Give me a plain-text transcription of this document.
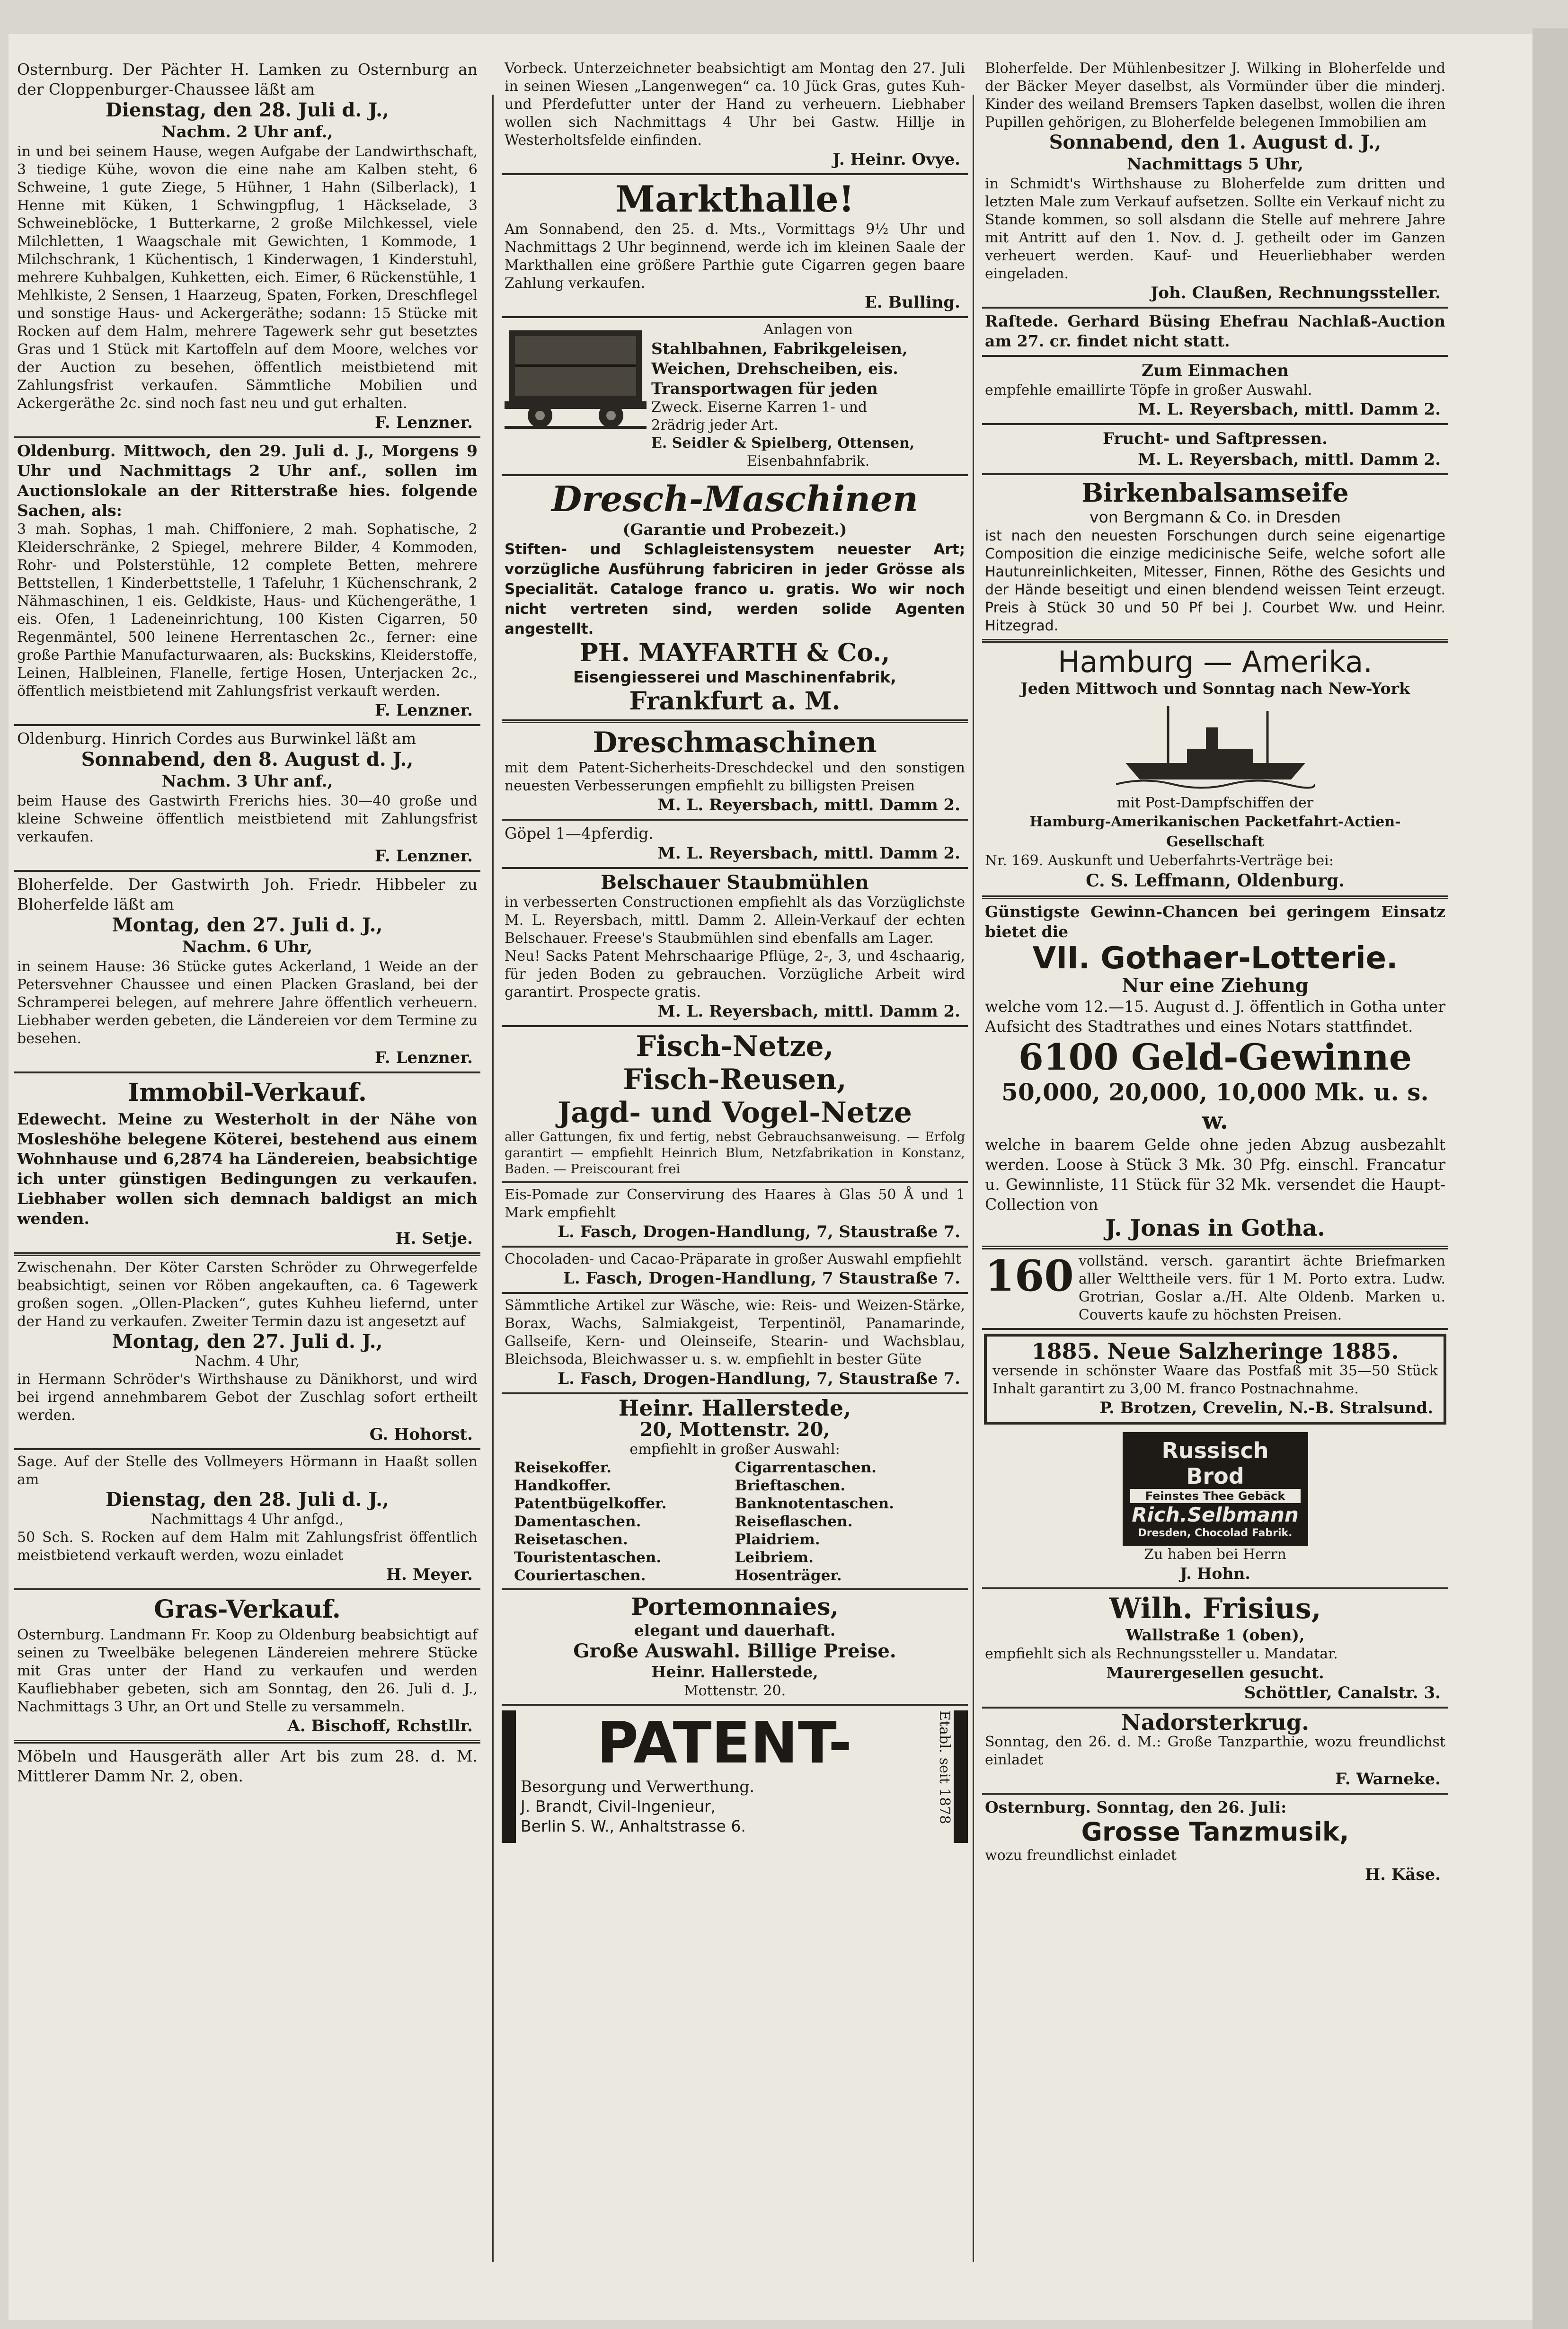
Osternburg. Der Pächter H. Lamken zu Osternburg an der Cloppenburger-Chaussee läßt am

Dienstag, den 28. Juli d. J.,

Nachm. 2 Uhr anf.,

in und bei seinem Hause, wegen Aufgabe der Landwirthschaft, 3 tiedige Kühe, wovon die eine nahe am Kalben steht, 6 Schweine, 1 gute Ziege, 5 Hühner, 1 Hahn (Silberlack), 1 Henne mit Küken, 1 Schwingpflug, 1 Häckselade, 3 Schweineblöcke, 1 Butterkarne, 2 große Milchkessel, viele Milchletten, 1 Waagschale mit Gewichten, 1 Kommode, 1 Milchschrank, 1 Küchentisch, 1 Kinderwagen, 1 Kinderstuhl, mehrere Kuhbalgen, Kuhketten, eich. Eimer, 6 Rückenstühle, 1 Mehlkiste, 2 Sensen, 1 Haarzeug, Spaten, Forken, Dreschflegel und sonstige Haus- und Ackergeräthe; sodann: 15 Stücke mit Rocken auf dem Halm, mehrere Tagewerk sehr gut besetztes Gras und 1 Stück mit Kartoffeln auf dem Moore, welches vor der Auction zu besehen, öffentlich meistbietend mit Zahlungsfrist verkaufen. Sämmtliche Mobilien und Ackergeräthe 2c. sind noch fast neu und gut erhalten.

F. Lenzner.

Oldenburg. Mittwoch, den 29. Juli d. J., Morgens 9 Uhr und Nachmittags 2 Uhr anf., sollen im Auctionslokale an der Ritterstraße hies. folgende Sachen, als:

3 mah. Sophas, 1 mah. Chiffoniere, 2 mah. Sophatische, 2 Kleiderschränke, 2 Spiegel, mehrere Bilder, 4 Kommoden, Rohr- und Polsterstühle, 12 complete Betten, mehrere Bettstellen, 1 Kinderbettstelle, 1 Tafeluhr, 1 Küchenschrank, 2 Nähmaschinen, 1 eis. Geldkiste, Haus- und Küchengeräthe, 1 eis. Ofen, 1 Ladeneinrichtung, 100 Kisten Cigarren, 50 Regenmäntel, 500 leinene Herrentaschen 2c., ferner: eine große Parthie Manufacturwaaren, als: Buckskins, Kleiderstoffe, Leinen, Halbleinen, Flanelle, fertige Hosen, Unterjacken 2c., öffentlich meistbietend mit Zahlungsfrist verkauft werden.

F. Lenzner.

Oldenburg. Hinrich Cordes aus Burwinkel läßt am

Sonnabend, den 8. August d. J.,

Nachm. 3 Uhr anf.,

beim Hause des Gastwirth Frerichs hies. 30—40 große und kleine Schweine öffentlich meistbietend mit Zahlungsfrist verkaufen.

F. Lenzner.

Bloherfelde. Der Gastwirth Joh. Friedr. Hibbeler zu Bloherfelde läßt am

Montag, den 27. Juli d. J.,

Nachm. 6 Uhr,

in seinem Hause: 36 Stücke gutes Ackerland, 1 Weide an der Petersvehner Chaussee und einen Placken Grasland, bei der Schramperei belegen, auf mehrere Jahre öffentlich verheuern. Liebhaber werden gebeten, die Ländereien vor dem Termine zu besehen.

F. Lenzner.

Immobil-Verkauf.

Edewecht. Meine zu Westerholt in der Nähe von Mosleshöhe belegene Köterei, bestehend aus einem Wohnhause und 6,2874 ha Ländereien, beabsichtige ich unter günstigen Bedingungen zu verkaufen. Liebhaber wollen sich demnach baldigst an mich wenden.

H. Setje.

Zwischenahn. Der Köter Carsten Schröder zu Ohrwegerfelde beabsichtigt, seinen vor Röben angekauften, ca. 6 Tagewerk großen sogen. „Ollen-Placken“, gutes Kuhheu liefernd, unter der Hand zu verkaufen. Zweiter Termin dazu ist angesetzt auf

Montag, den 27. Juli d. J.,

Nachm. 4 Uhr,

in Hermann Schröder's Wirthshause zu Dänikhorst, und wird bei irgend annehmbarem Gebot der Zuschlag sofort ertheilt werden.

G. Hohorst.

Sage. Auf der Stelle des Vollmeyers Hörmann in Haaßt sollen am

Dienstag, den 28. Juli d. J.,

Nachmittags 4 Uhr anfgd.,

50 Sch. S. Rocken auf dem Halm mit Zahlungsfrist öffentlich meistbietend verkauft werden, wozu einladet

H. Meyer.

Gras-Verkauf.

Osternburg. Landmann Fr. Koop zu Oldenburg beabsichtigt auf seinen zu Tweelbäke belegenen Ländereien mehrere Stücke mit Gras unter der Hand zu verkaufen und werden Kaufliebhaber gebeten, sich am Sonntag, den 26. Juli d. J., Nachmittags 3 Uhr, an Ort und Stelle zu versammeln.

A. Bischoff, Rchstllr.

Möbeln und Hausgeräth aller Art bis zum 28. d. M. Mittlerer Damm Nr. 2, oben.

Vorbeck. Unterzeichneter beabsichtigt am Montag den 27. Juli in seinen Wiesen „Langenwegen“ ca. 10 Jück Gras, gutes Kuh- und Pferdefutter unter der Hand zu verheuern. Liebhaber wollen sich Nachmittags 4 Uhr bei Gastw. Hillje in Westerholtsfelde einfinden.

J. Heinr. Ovye.

Markthalle!

Am Sonnabend, den 25. d. Mts., Vormittags 9½ Uhr und Nachmittags 2 Uhr beginnend, werde ich im kleinen Saale der Markthallen eine größere Parthie gute Cigarren gegen baare Zahlung verkaufen.

E. Bulling.

Anlagen von

Stahlbahnen, Fabrikgeleisen,

Weichen, Drehscheiben, eis.

Transportwagen für jeden

Zweck. Eiserne Karren 1- und

2rädrig jeder Art.

E. Seidler & Spielberg, Ottensen,

Eisenbahnfabrik.

Dresch-Maschinen

(Garantie und Probezeit.)

Stiften- und Schlagleistensystem neuester Art; vorzügliche Ausführung fabriciren in jeder Grösse als Specialität. Cataloge franco u. gratis. Wo wir noch nicht vertreten sind, werden solide Agenten angestellt.

PH. MAYFARTH & Co.,

Eisengiesserei und Maschinenfabrik,

Frankfurt a. M.

Dreschmaschinen

mit dem Patent-Sicherheits-Dreschdeckel und den sonstigen neuesten Verbesserungen empfiehlt zu billigsten Preisen

M. L. Reyersbach, mittl. Damm 2.

Göpel 1—4pferdig.

M. L. Reyersbach, mittl. Damm 2.

Belschauer Staubmühlen

in verbesserten Constructionen empfiehlt als das Vorzüglichste M. L. Reyersbach, mittl. Damm 2. Allein-Verkauf der echten Belschauer. Freese's Staubmühlen sind ebenfalls am Lager.

Neu! Sacks Patent Mehrschaarige Pflüge, 2-, 3, und 4schaarig, für jeden Boden zu gebrauchen. Vorzügliche Arbeit wird garantirt. Prospecte gratis.

M. L. Reyersbach, mittl. Damm 2.

Fisch-Netze,

Fisch-Reusen,

Jagd- und Vogel-Netze

aller Gattungen, fix und fertig, nebst Gebrauchsanweisung. — Erfolg garantirt — empfiehlt Heinrich Blum, Netzfabrikation in Konstanz, Baden. — Preiscourant frei

Eis-Pomade zur Conservirung des Haares à Glas 50 Å und 1 Mark empfiehlt

L. Fasch, Drogen-Handlung, 7, Staustraße 7.

Chocoladen- und Cacao-Präparate in großer Auswahl empfiehlt

L. Fasch, Drogen-Handlung, 7 Staustraße 7.

Sämmtliche Artikel zur Wäsche, wie: Reis- und Weizen-Stärke, Borax, Wachs, Salmiakgeist, Terpentinöl, Panamarinde, Gallseife, Kern- und Oleinseife, Stearin- und Wachsblau, Bleichsoda, Bleichwasser u. s. w. empfiehlt in bester Güte

L. Fasch, Drogen-Handlung, 7, Staustraße 7.

Heinr. Hallerstede,

20, Mottenstr. 20,

empfiehlt in großer Auswahl:

Reisekoffer.	Cigarrentaschen.
Handkoffer.	Brieftaschen.
Patentbügelkoffer.	Banknotentaschen.
Damentaschen.	Reiseflaschen.
Reisetaschen.	Plaidriem.
Touristentaschen.	Leibriem.
Couriertaschen.	Hosenträger.

Portemonnaies,

elegant und dauerhaft.

Große Auswahl. Billige Preise.

Heinr. Hallerstede,

Mottenstr. 20.

PATENT-

Besorgung und Verwerthung.

J. Brandt, Civil-Ingenieur,

Berlin S. W., Anhaltstrasse 6.

Etabl. seit 1878

Bloherfelde. Der Mühlenbesitzer J. Wilking in Bloherfelde und der Bäcker Meyer daselbst, als Vormünder über die minderj. Kinder des weiland Bremsers Tapken daselbst, wollen die ihren Pupillen gehörigen, zu Bloherfelde belegenen Immobilien am

Sonnabend, den 1. August d. J.,

Nachmittags 5 Uhr,

in Schmidt's Wirthshause zu Bloherfelde zum dritten und letzten Male zum Verkauf aufsetzen. Sollte ein Verkauf nicht zu Stande kommen, so soll alsdann die Stelle auf mehrere Jahre mit Antritt auf den 1. Nov. d. J. getheilt oder im Ganzen verheuert werden. Kauf- und Heuerliebhaber werden eingeladen.

Joh. Claußen, Rechnungssteller.

Raſtede. Gerhard Büsing Ehefrau Nachlaß-Auction am 27. cr. findet nicht statt.

Zum Einmachen

empfehle emaillirte Töpfe in großer Auswahl.

M. L. Reyersbach, mittl. Damm 2.

Frucht- und Saftpressen.

M. L. Reyersbach, mittl. Damm 2.

Birkenbalsamseife

von Bergmann & Co. in Dresden

ist nach den neuesten Forschungen durch seine eigenartige Composition die einzige medicinische Seife, welche sofort alle Hautunreinlichkeiten, Mitesser, Finnen, Röthe des Gesichts und der Hände beseitigt und einen blendend weissen Teint erzeugt. Preis à Stück 30 und 50 Pf bei J. Courbet Ww. und Heinr. Hitzegrad.

Hamburg — Amerika.

Jeden Mittwoch und Sonntag nach New-York

mit Post-Dampfschiffen der

Hamburg-Amerikanischen Packetfahrt-Actien-Gesellschaft

Nr. 169. Auskunft und Ueberfahrts-Verträge bei:

C. S. Leffmann, Oldenburg.

Günstigste Gewinn-Chancen bei geringem Einsatz bietet die

VII. Gothaer-Lotterie.

Nur eine Ziehung

welche vom 12.—15. August d. J. öffentlich in Gotha unter Aufsicht des Stadtrathes und eines Notars stattfindet.

6100 Geld-Gewinne

50,000, 20,000, 10,000 Mk. u. s. w.

welche in baarem Gelde ohne jeden Abzug ausbezahlt werden. Loose à Stück 3 Mk. 30 Pfg. einschl. Francatur u. Gewinnliste, 11 Stück für 32 Mk. versendet die Haupt-Collection von

J. Jonas in Gotha.

160 vollständ. versch. garantirt ächte Briefmarken aller Welttheile vers. für 1 M. Porto extra. Ludw. Grotrian, Goslar a./H. Alte Oldenb. Marken u. Couverts kaufe zu höchsten Preisen.

1885. Neue Salzheringe 1885.

versende in schönster Waare das Postfaß mit 35—50 Stück Inhalt garantirt zu 3,00 M. franco Postnachnahme.

P. Brotzen, Crevelin, N.-B. Stralsund.

Russisch Brod

Feinstes Thee Gebäck

Rich.Selbmann

Dresden, Chocolad Fabrik.

Zu haben bei Herrn

J. Hohn.

Wilh. Frisius,

Wallstraße 1 (oben),

empfiehlt sich als Rechnungssteller u. Mandatar.

Maurergesellen gesucht.

Schöttler, Canalstr. 3.

Nadorsterkrug.

Sonntag, den 26. d. M.: Große Tanzparthie, wozu freundlichst einladet

F. Warneke.

Osternburg. Sonntag, den 26. Juli:

Grosse Tanzmusik,

wozu freundlichst einladet

H. Käse.
